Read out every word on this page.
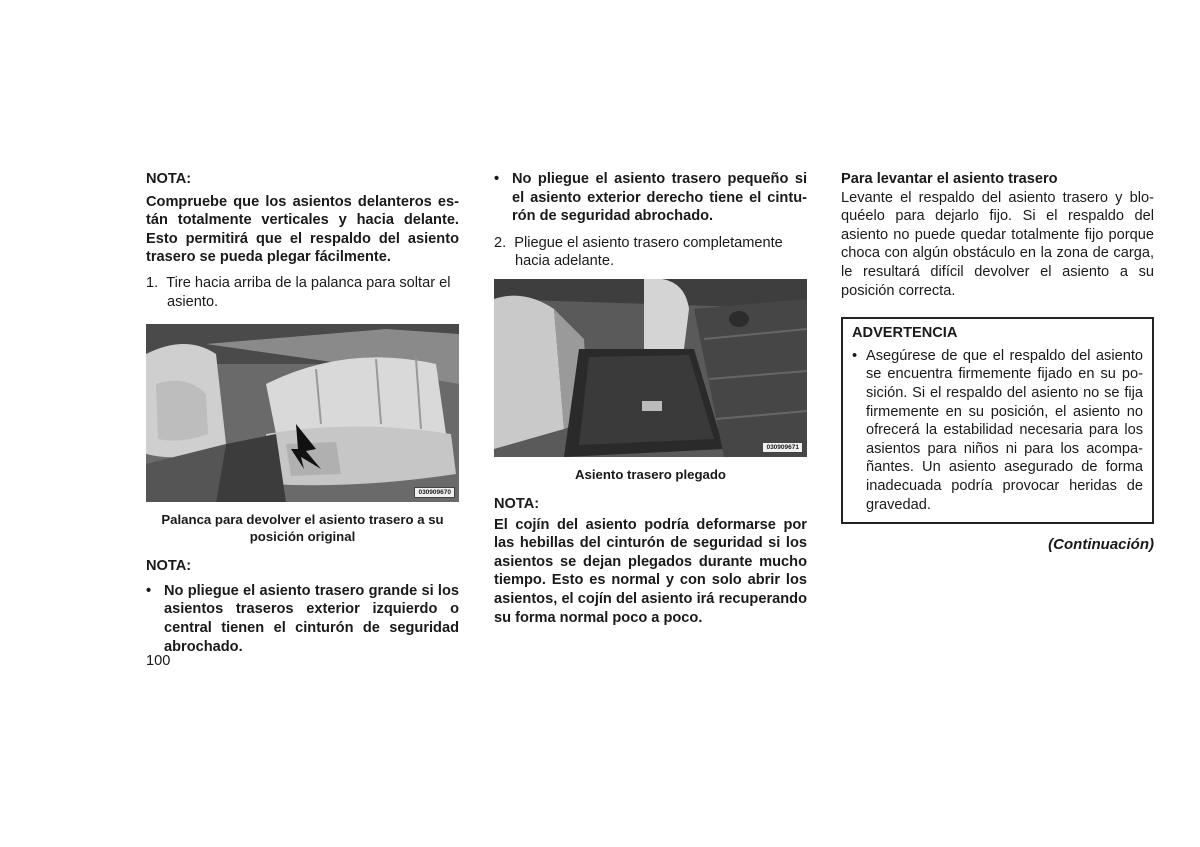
NOTA:

Compruebe que los asientos delanteros están totalmente verticales y hacia delante. Esto permitirá que el respaldo del asiento trasero se pueda plegar fácilmente.

1. Tire hacia arriba de la palanca para soltar el asiento.
030909670

Palanca para devolver el asiento trasero a su posición original

NOTA:

• No pliegue el asiento trasero grande si los asientos traseros exterior izquierdo o central tienen el cinturón de seguridad abrochado.
• No pliegue el asiento trasero pequeño si el asiento exterior derecho tiene el cinturón de seguridad abrochado.
2. Pliegue el asiento trasero completamente hacia adelante.
030909671

Asiento trasero plegado

NOTA:

El cojín del asiento podría deformarse por las hebillas del cinturón de seguridad si los asientos se dejan plegados durante mucho tiempo. Esto es normal y con solo abrir los asientos, el cojín del asiento irá recuperando su forma normal poco a poco.

Para levantar el asiento trasero

Levante el respaldo del asiento trasero y bloquéelo para dejarlo fijo. Si el respaldo del asiento no puede quedar totalmente fijo porque choca con algún obstáculo en la zona de carga, le resultará difícil devolver el asiento a su posición correcta.

ADVERTENCIA

• Asegúrese de que el respaldo del asiento se encuentra firmemente fijado en su posición. Si el respaldo del asiento no se fija firmemente en su posición, el asiento no ofrecerá la estabilidad necesaria para los asientos para niños ni para los acompañantes. Un asiento asegurado de forma inadecuada podría provocar heridas de gravedad.

(Continuación)

100
